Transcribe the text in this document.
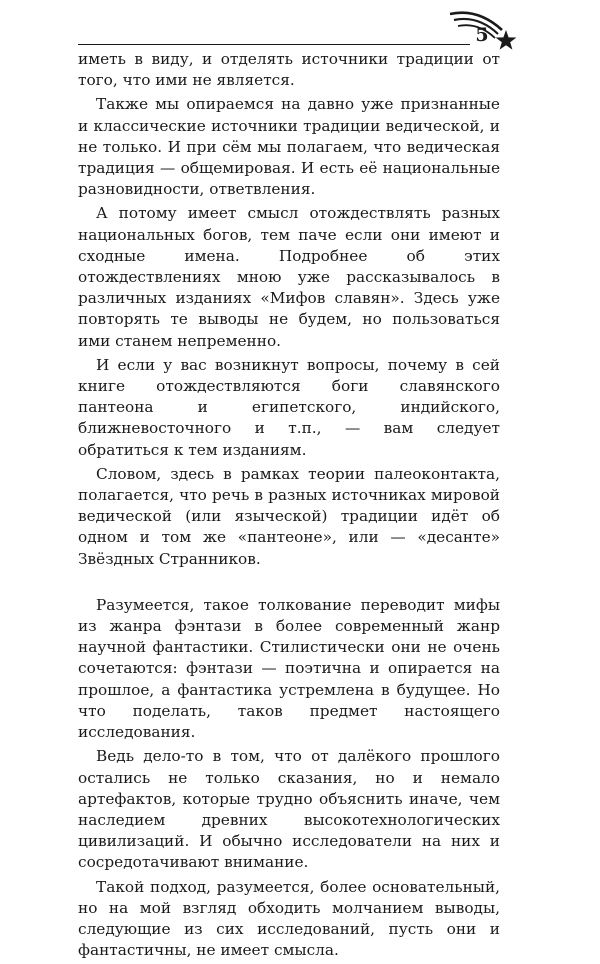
5

иметь в виду, и отделять источники традиции от того, что ими не является.

Также мы опираемся на давно уже признанные и классические источники традиции ведической, и не только. И при сём мы полагаем, что ведическая традиция — общемировая. И есть её национальные разновидности, ответвления.

А потому имеет смысл отождествлять разных национальных богов, тем паче если они имеют и сходные имена. Подробнее об этих отождествлениях мною уже рассказывалось в различных изданиях «Мифов славян». Здесь уже повторять те выводы не будем, но пользоваться ими станем непременно.

И если у вас возникнут вопросы, почему в сей книге отождествляются боги славянского пантеона и египетского, индийского, ближневосточного и т.п., — вам следует обратиться к тем изданиям.

Словом, здесь в рамках теории палеоконтакта, полагается, что речь в разных источниках мировой ведической (или языческой) традиции идёт об одном и том же «пантеоне», или — «десанте» Звёздных Странников.

Разумеется, такое толкование переводит мифы из жанра фэнтази в более современный жанр научной фантастики. Стилистически они не очень сочетаются: фэнтази — поэтична и опирается на прошлое, а фантастика устремлена в будущее. Но что поделать, таков предмет настоящего исследования.

Ведь дело-то в том, что от далёкого прошлого остались не только сказания, но и немало артефактов, которые трудно объяснить иначе, чем наследием древних высокотехнологических цивилизаций. И обычно исследователи на них и сосредотачивают внимание.

Такой подход, разумеется, более основательный, но на мой взгляд обходить молчанием выводы, следующие из сих исследований, пусть они и фантастичны, не имеет смысла.
